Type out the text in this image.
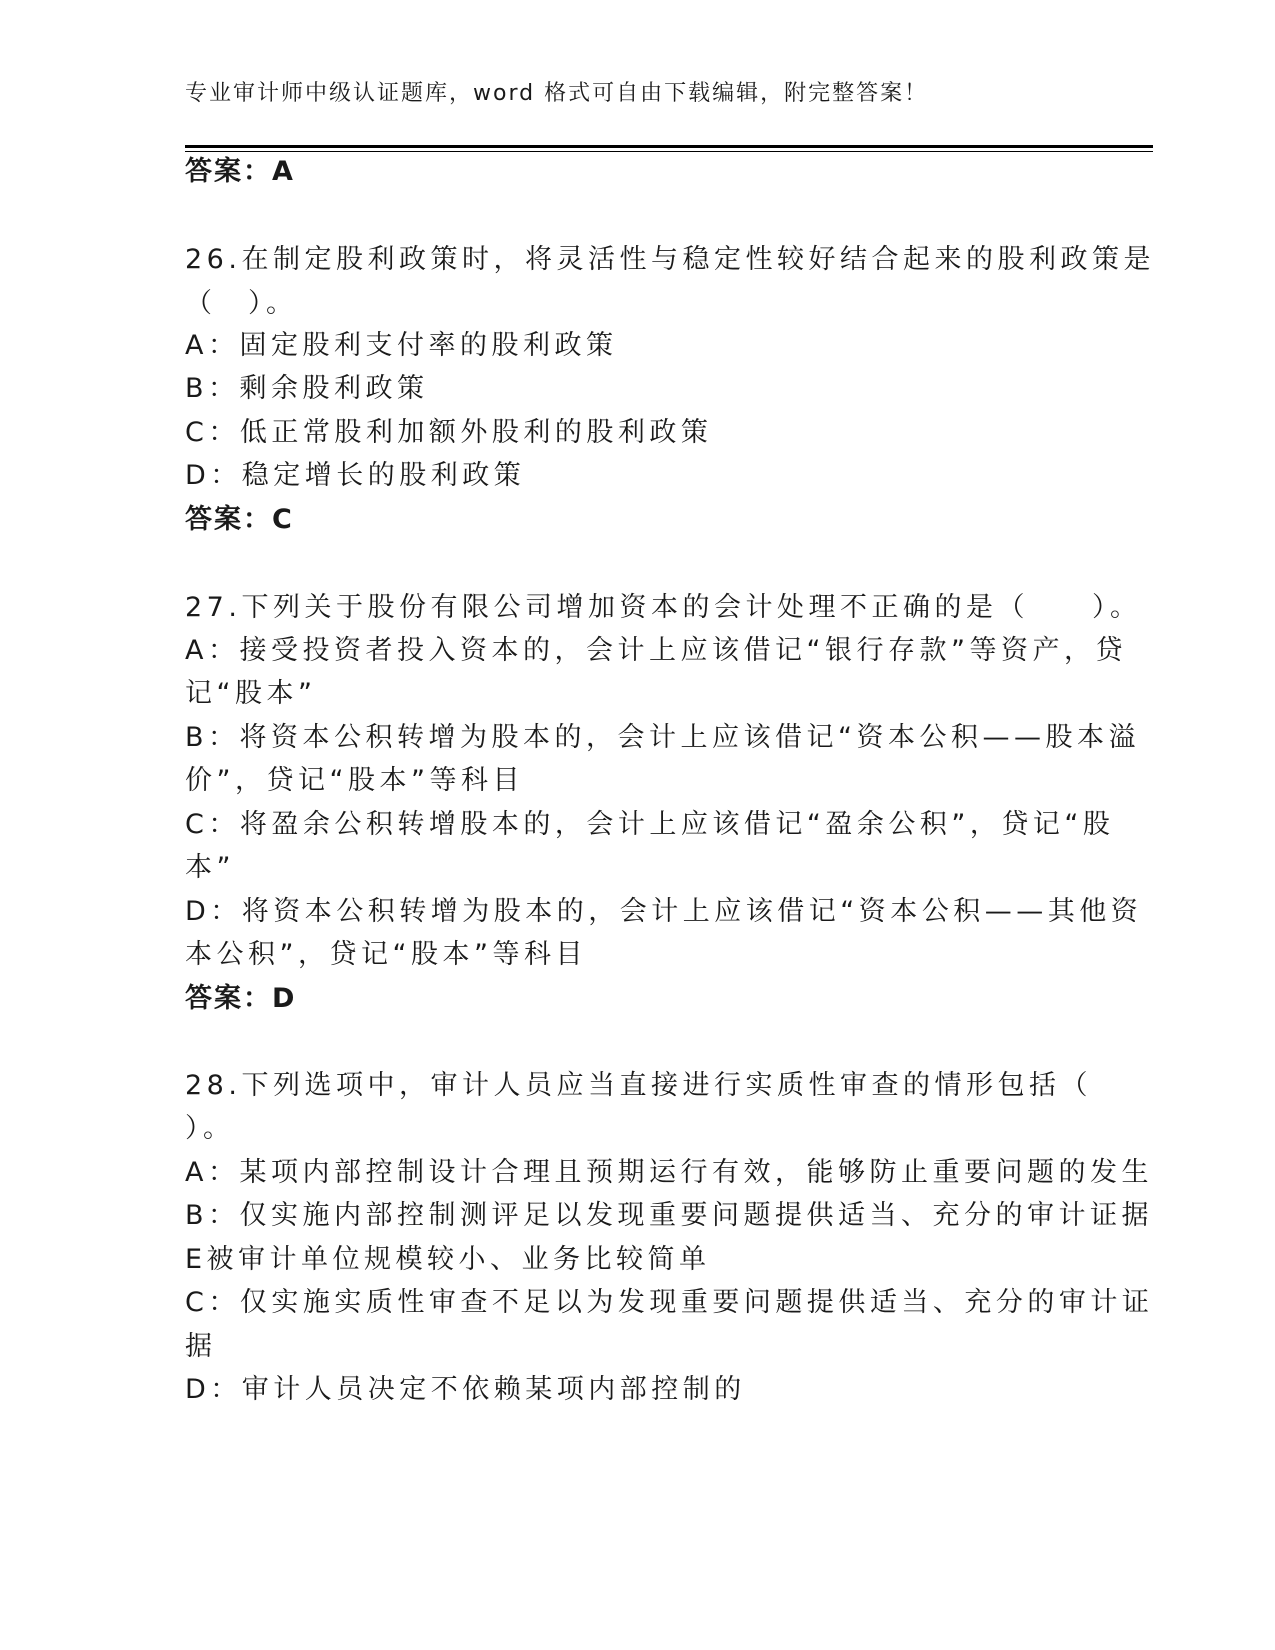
专业审计师中级认证题库，word 格式可自由下载编辑，附完整答案！
答案：A
26.在制定股利政策时，将灵活性与稳定性较好结合起来的股利政策是
（　）。
A：固定股利支付率的股利政策
B：剩余股利政策
C：低正常股利加额外股利的股利政策
D：稳定增长的股利政策
答案：C
27.下列关于股份有限公司增加资本的会计处理不正确的是（　　）。
A：接受投资者投入资本的，会计上应该借记“银行存款”等资产，贷
记“股本”
B：将资本公积转增为股本的，会计上应该借记“资本公积——股本溢
价”，贷记“股本”等科目
C：将盈余公积转增股本的，会计上应该借记“盈余公积”，贷记“股
本”
D：将资本公积转增为股本的，会计上应该借记“资本公积——其他资
本公积”，贷记“股本”等科目
答案：D
28.下列选项中，审计人员应当直接进行实质性审查的情形包括（
）。
A：某项内部控制设计合理且预期运行有效，能够防止重要问题的发生
B：仅实施内部控制测评足以发现重要问题提供适当、充分的审计证据
E被审计单位规模较小、业务比较简单
C：仅实施实质性审查不足以为发现重要问题提供适当、充分的审计证
据
D：审计人员决定不依赖某项内部控制的
